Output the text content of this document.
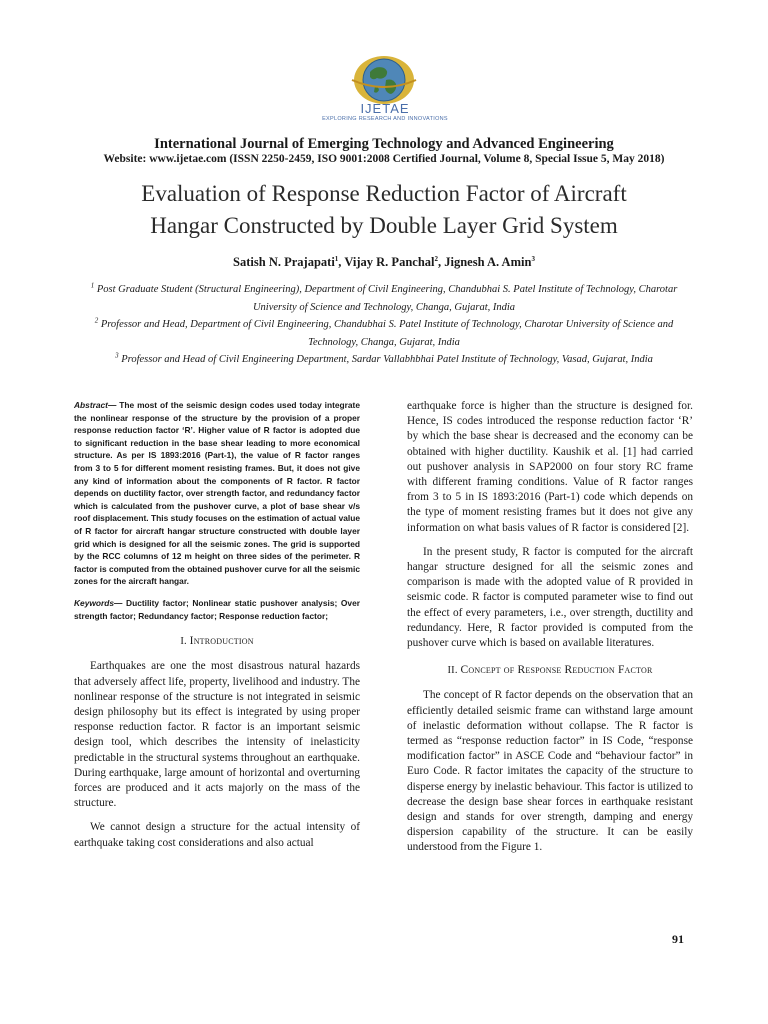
IJETAE
EXPLORING RESEARCH AND INNOVATIONS
International Journal of Emerging Technology and Advanced Engineering
Website: www.ijetae.com (ISSN 2250-2459, ISO 9001:2008 Certified Journal, Volume 8, Special Issue 5, May 2018)
Evaluation of Response Reduction Factor of Aircraft
Hangar Constructed by Double Layer Grid System
Satish N. Prajapati$^1$, Vijay R. Panchal$^2$, Jignesh A. Amin$^3$

$^1$ Post Graduate Student (Structural Engineering), Department of Civil Engineering, Chandubhai S. Patel Institute of Technology, Charotar University of Science and Technology, Changa, Gujarat, India

$^2$ Professor and Head, Department of Civil Engineering, Chandubhai S. Patel Institute of Technology, Charotar University of Science and Technology, Changa, Gujarat, India

$^3$ Professor and Head of Civil Engineering Department, Sardar Vallabhbhai Patel Institute of Technology, Vasad, Gujarat, India

Abstract— The most of the seismic design codes used today integrate the nonlinear response of the structure by the provision of a proper response reduction factor ‘R’. Higher value of R factor is adopted due to significant reduction in the base shear leading to more economical structure. As per IS 1893:2016 (Part-1), the value of R factor ranges from 3 to 5 for different moment resisting frames. But, it does not give any kind of information about the components of R factor. R factor depends on ductility factor, over strength factor, and redundancy factor which is calculated from the pushover curve, a plot of base shear v/s roof displacement. This study focuses on the estimation of actual value of R factor for aircraft hangar structure constructed with double layer grid which is designed for all the seismic zones. The grid is supported by the RCC columns of 12 m height on three sides of the perimeter. R factor is computed from the obtained pushover curve for all the seismic zones for the aircraft hangar.

Keywords— Ductility factor; Nonlinear static pushover analysis; Over strength factor; Redundancy factor; Response reduction factor;

I. Introduction

Earthquakes are one the most disastrous natural hazards that adversely affect life, property, livelihood and industry. The nonlinear response of the structure is not integrated in seismic design philosophy but its effect is integrated by using proper response reduction factor. R factor is an important seismic design tool, which describes the intensity of inelasticity predictable in the structural systems throughout an earthquake. During earthquake, large amount of horizontal and overturning forces are produced and it acts majorly on the mass of the structure.

We cannot design a structure for the actual intensity of earthquake taking cost considerations and also actual

earthquake force is higher than the structure is designed for. Hence, IS codes introduced the response reduction factor ‘R’ by which the base shear is decreased and the economy can be obtained with higher ductility. Kaushik et al. [1] had carried out pushover analysis in SAP2000 on four story RC frame with different framing conditions. Value of R factor ranges from 3 to 5 in IS 1893:2016 (Part-1) code which depends on the type of moment resisting frames but it does not give any information on what basis values of R factor is considered [2].

In the present study, R factor is computed for the aircraft hangar structure designed for all the seismic zones and comparison is made with the adopted value of R provided in seismic code. R factor is computed parameter wise to find out the effect of every parameters, i.e., over strength, ductility and redundancy. Here, R factor provided is computed from the pushover curve which is based on available literatures.

II. Concept of Response Reduction Factor

The concept of R factor depends on the observation that an efficiently detailed seismic frame can withstand large amount of inelastic deformation without collapse. The R factor is termed as “response reduction factor” in IS Code, “response modification factor” in ASCE Code and “behaviour factor” in Euro Code. R factor imitates the capacity of the structure to disperse energy by inelastic behaviour. This factor is utilized to decrease the design base shear forces in earthquake resistant design and stands for over strength, damping and energy dispersion capability of the structure. It can be easily understood from the Figure 1.

91
